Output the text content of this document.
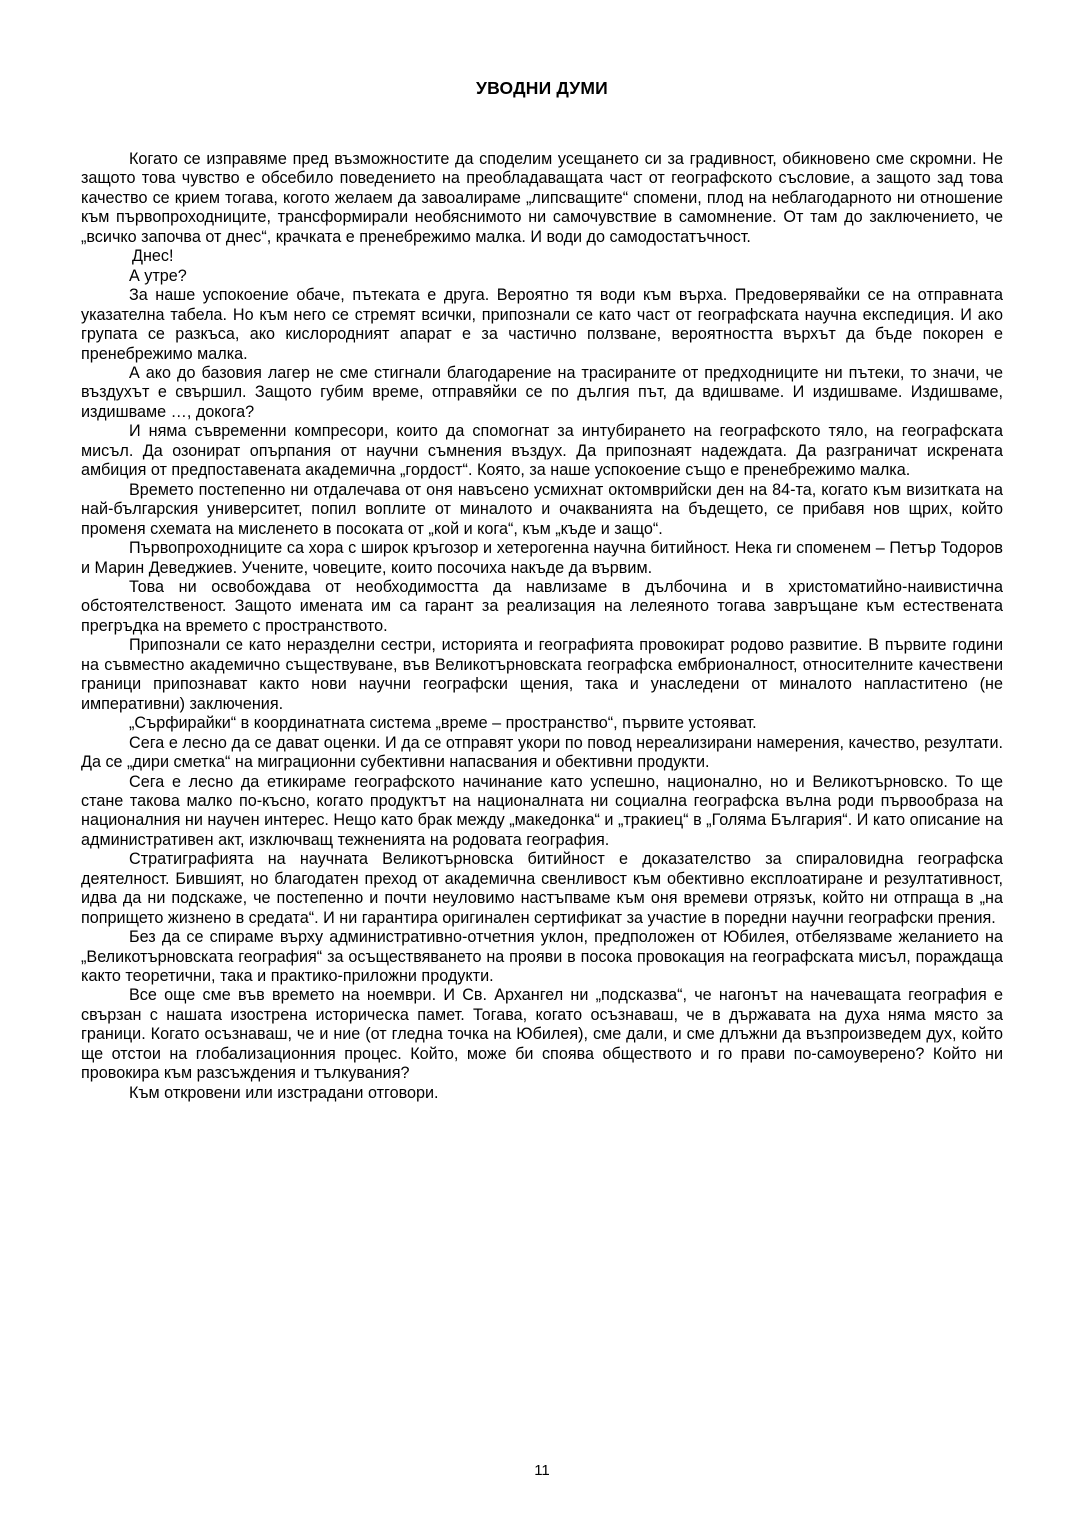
УВОДНИ ДУМИ

Когато се изправяме пред възможностите да споделим усещането си за градивност, обикновено сме скромни. Не защото това чувство е обсебило поведението на преобладаващата част от географското съсловие, а защото зад това качество се крием тогава, когото желаем да завоалираме „липсващите“ спомени, плод на неблагодарното ни отношение към първопроходниците, трансформирали необяснимото ни самочувствие в самомнение. От там до заключението, че „всичко започва от днес“, крачката е пренебрежимо малка. И води до самодостатъчност.

Днес!

А утре?

За наше успокоение обаче, пътеката е друга. Вероятно тя води към върха. Предоверявайки се на отправната указателна табела. Но към него се стремят всички, припознали се като част от географската научна експедиция. И ако групата се разкъса, ако кислородният апарат е за частично ползване, вероятността върхът да бъде покорен е пренебрежимо малка.

А ако до базовия лагер не сме стигнали благодарение на трасираните от предходниците ни пътеки, то значи, че въздухът е свършил. Защото губим време, отправяйки се по дългия път, да вдишваме. И издишваме. Издишваме, издишваме …, докога?

И няма съвременни компресори, които да спомогнат за интубирането на географското тяло, на географската мисъл. Да озонират опърпания от научни съмнения въздух. Да припознаят надеждата. Да разграничат искрената амбиция от предпоставената академична „гордост“. Която, за наше успокоение също е пренебрежимо малка.

Времето постепенно ни отдалечава от оня навъсено усмихнат октомврийски ден на 84-та, когато към визитката на най-българския университет, попил воплите от миналото и очакванията на бъдещето, се прибавя нов щрих, който променя схемата на мисленето в посоката от „кой и кога“, към „къде и защо“.

Първопроходниците са хора с широк кръгозор и хетерогенна научна битийност. Нека ги споменем – Петър Тодоров и Марин Деведжиев. Учените, човеците, които посочиха накъде да вървим.

Това ни освобождава от необходимостта да навлизаме в дълбочина и в христоматийно-наивистична обстоятелственост. Защото имената им са гарант за реализация на лелеяното тогава завръщане към естествената прегръдка на времето с пространството.

Припознали се като неразделни сестри, историята и географията провокират родово развитие. В първите години на съвместно академично съществуване, във Великотърновската географска ембрионалност, относителните качествени граници припознават както нови научни географски щения, така и унаследени от миналото напластитено (не императивни) заключения.

„Сърфирайки“ в координатната система „време – пространство“, първите устояват.

Сега е лесно да се дават оценки. И да се отправят укори по повод нереализирани намерения, качество, резултати. Да се „дири сметка“ на миграционни субективни напасвания и обективни продукти.

Сега е лесно да етикираме географското начинание като успешно, национално, но и Великотърновско. То ще стане такова малко по-късно, когато продуктът на националната ни социална географска вълна роди първообраза на националния ни научен интерес. Нещо като брак между „македонка“ и „тракиец“ в „Голяма България“. И като описание на административен акт, изключващ тежненията на родовата география.

Стратиграфията на научната Великотърновска битийност е доказателство за спираловидна географска деятелност. Бившият, но благодатен преход от академична свенливост към обективно експлоатиране и резултативност, идва да ни подскаже, че постепенно и почти неуловимо настъпваме към оня времеви отрязък, който ни отпраща в „на попрището жизнено в средата“. И ни гарантира оригинален сертификат за участие в поредни научни географски прения.

Без да се спираме върху административно-отчетния уклон, предположен от Юбилея, отбелязваме желанието на „Великотърновската география“ за осъществяването на прояви в посока провокация на географската мисъл, пораждаща както теоретични, така и практико-приложни продукти.

Все още сме във времето на ноември. И Св. Архангел ни „подсказва“, че нагонът на начеващата география е свързан с нашата изострена историческа памет. Тогава, когато осъзнаваш, че в държавата на духа няма място за граници. Когато осъзнаваш, че и ние (от гледна точка на Юбилея), сме дали, и сме длъжни да възпроизведем дух, който ще отстои на глобализационния процес. Който, може би споява обществото и го прави по-самоуверено? Който ни провокира към разсъждения и тълкувания?

Към откровени или изстрадани отговори.

11
